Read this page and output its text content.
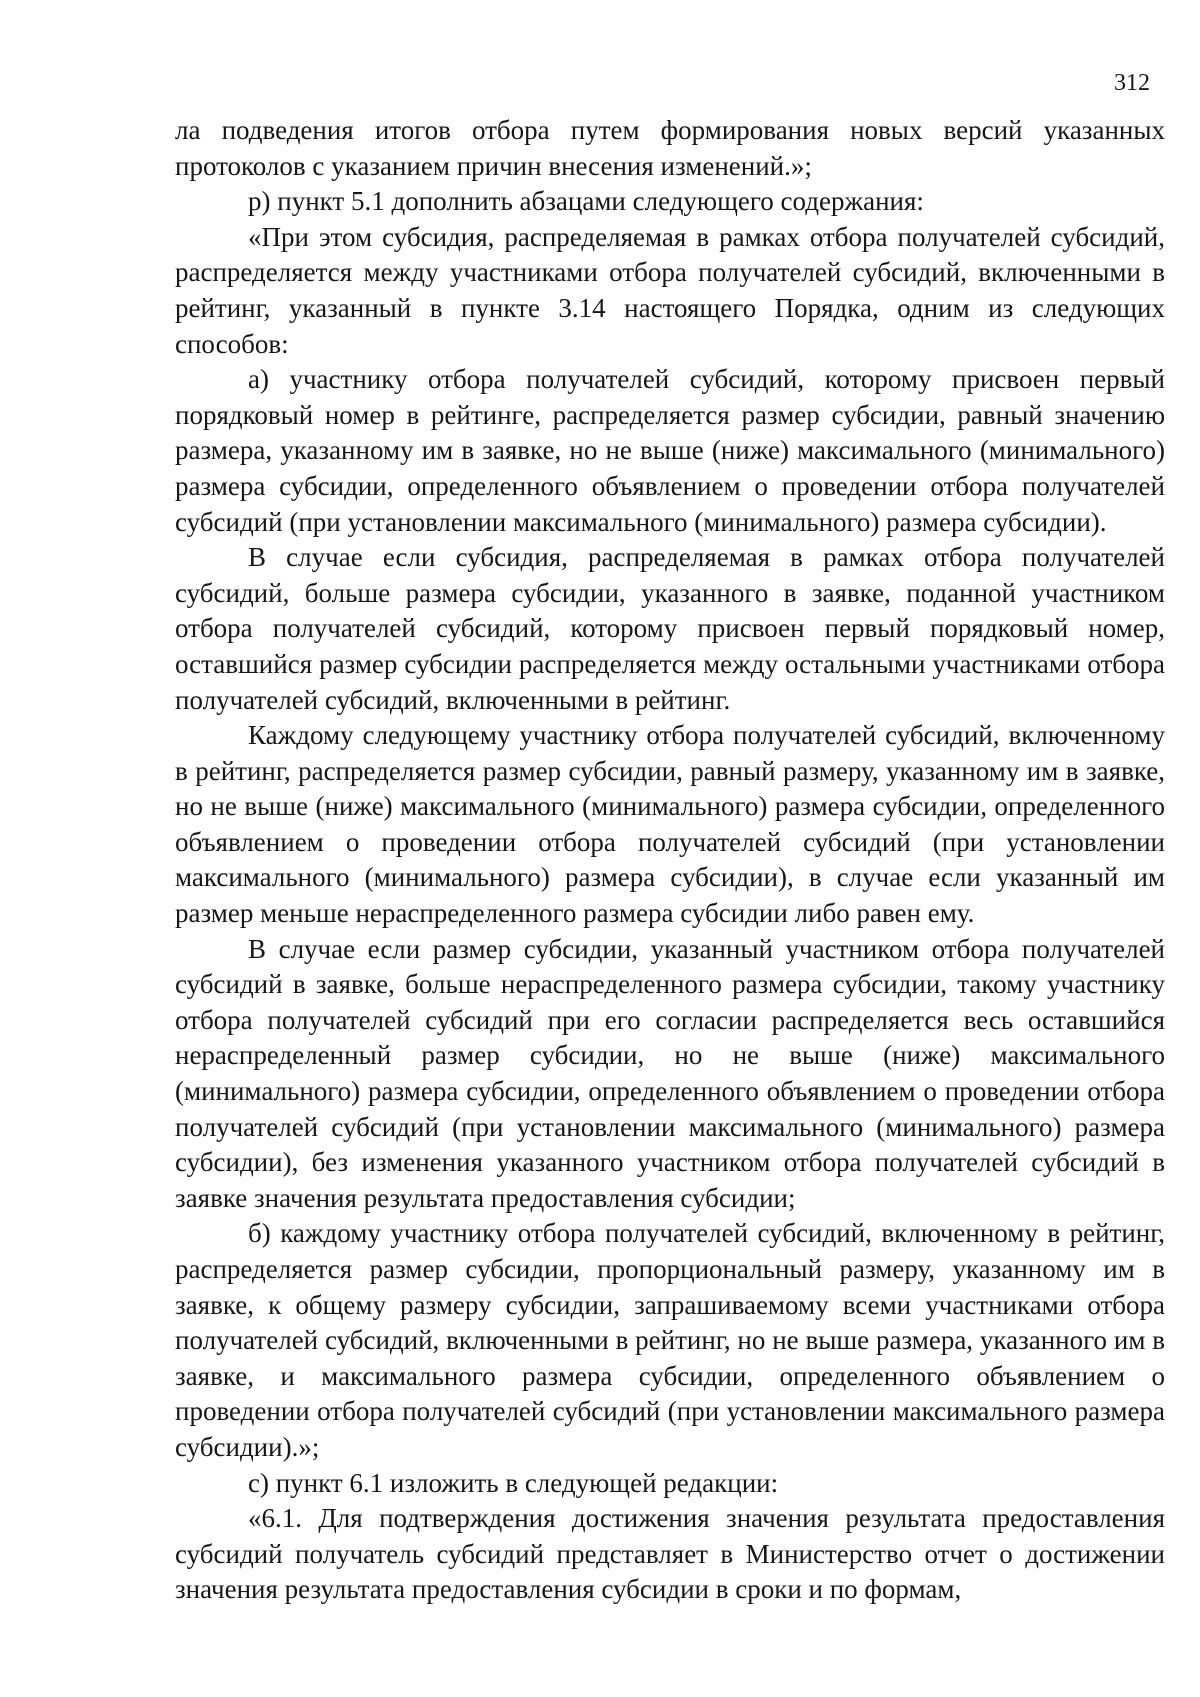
312

ла подведения итогов отбора путем формирования новых версий указанных протоколов с указанием причин внесения изменений.»;

р) пункт 5.1 дополнить абзацами следующего содержания:

«При этом субсидия, распределяемая в рамках отбора получателей субсидий, распределяется между участниками отбора получателей субсидий, включенными в рейтинг, указанный в пункте 3.14 настоящего Порядка, одним из следующих способов:

а) участнику отбора получателей субсидий, которому присвоен первый порядковый номер в рейтинге, распределяется размер субсидии, равный значению размера, указанному им в заявке, но не выше (ниже) максимального (минимального) размера субсидии, определенного объявлением о проведении отбора получателей субсидий (при установлении максимального (минимального) размера субсидии).

В случае если субсидия, распределяемая в рамках отбора получателей субсидий, больше размера субсидии, указанного в заявке, поданной участником отбора получателей субсидий, которому присвоен первый порядковый номер, оставшийся размер субсидии распределяется между остальными участниками отбора получателей субсидий, включенными в рейтинг.

Каждому следующему участнику отбора получателей субсидий, включенному в рейтинг, распределяется размер субсидии, равный размеру, указанному им в заявке, но не выше (ниже) максимального (минимального) размера субсидии, определенного объявлением о проведении отбора получателей субсидий (при установлении максимального (минимального) размера субсидии), в случае если указанный им размер меньше нераспределенного размера субсидии либо равен ему.

В случае если размер субсидии, указанный участником отбора получателей субсидий в заявке, больше нераспределенного размера субсидии, такому участнику отбора получателей субсидий при его согласии распределяется весь оставшийся нераспределенный размер субсидии, но не выше (ниже) максимального (минимального) размера субсидии, определенного объявлением о проведении отбора получателей субсидий (при установлении максимального (минимального) размера субсидии), без изменения указанного участником отбора получателей субсидий в заявке значения результата предоставления субсидии;

б) каждому участнику отбора получателей субсидий, включенному в рейтинг, распределяется размер субсидии, пропорциональный размеру, указанному им в заявке, к общему размеру субсидии, запрашиваемому всеми участниками отбора получателей субсидий, включенными в рейтинг, но не выше размера, указанного им в заявке, и максимального размера субсидии, определенного объявлением о проведении отбора получателей субсидий (при установлении максимального размера субсидии).»;

с) пункт 6.1 изложить в следующей редакции:

«6.1. Для подтверждения достижения значения результата предоставления субсидий получатель субсидий представляет в Министерство отчет о достижении значения результата предоставления субсидии в сроки и по формам,
